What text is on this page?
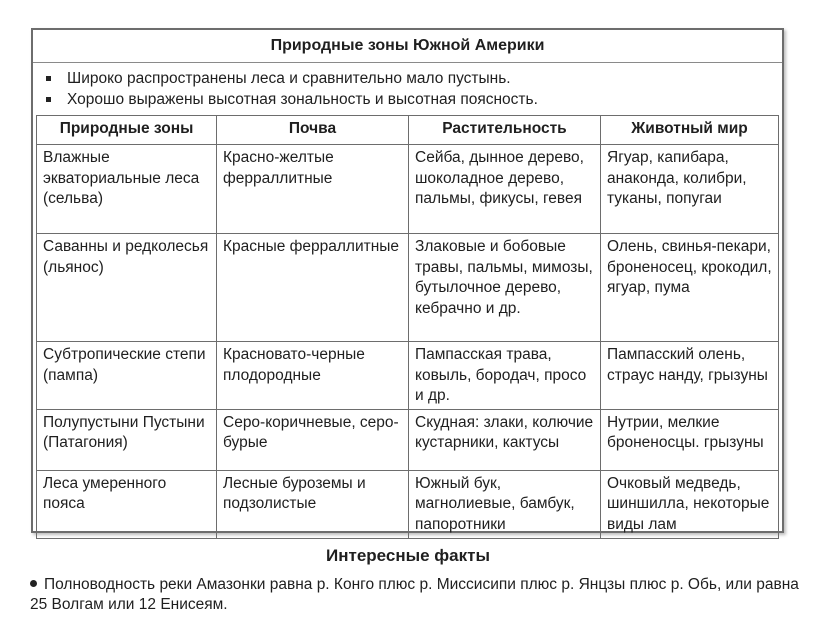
Природные зоны Южной Америки
Широко распространены леса и сравнительно мало пустынь.
Хорошо выражены высотная зональность и высотная поясность.
Природные зоны	Почва	Растительность	Животный мир
Влажные экваториальные леса (сельва)	Красно-желтые ферраллитные	Сейба, дынное дерево, шоколадное дерево, пальмы, фикусы, гевея	Ягуар, капибара, анаконда, колибри, туканы, попугаи
Саванны и редколесья (льянос)	Красные ферраллитные	Злаковые и бобовые травы, пальмы, мимозы, бутылочное дерево, кебрачно и др.	Олень, свинья-пекари, броненосец, крокодил, ягуар, пума
Субтропические степи (пампа)	Красновато-черные плодородные	Пампасская трава, ковыль, бородач, просо и др.	Пампасский олень, страус нанду, грызуны
Полупустыни Пустыни (Патагония)	Серо-коричневые, серо-бурые	Скудная: злаки, колючие кустарники, кактусы	Нутрии, мелкие броненосцы. грызуны
Леса умеренного пояса	Лесные буроземы и подзолистые	Южный бук, магнолиевые, бамбук, папоротники	Очковый медведь, шиншилла, некоторые виды лам
Интересные факты
Полноводность реки Амазонки равна р. Конго плюс р. Миссисипи плюс р. Янцзы плюс р. Обь, или равна 25 Волгам или 12 Енисеям.
